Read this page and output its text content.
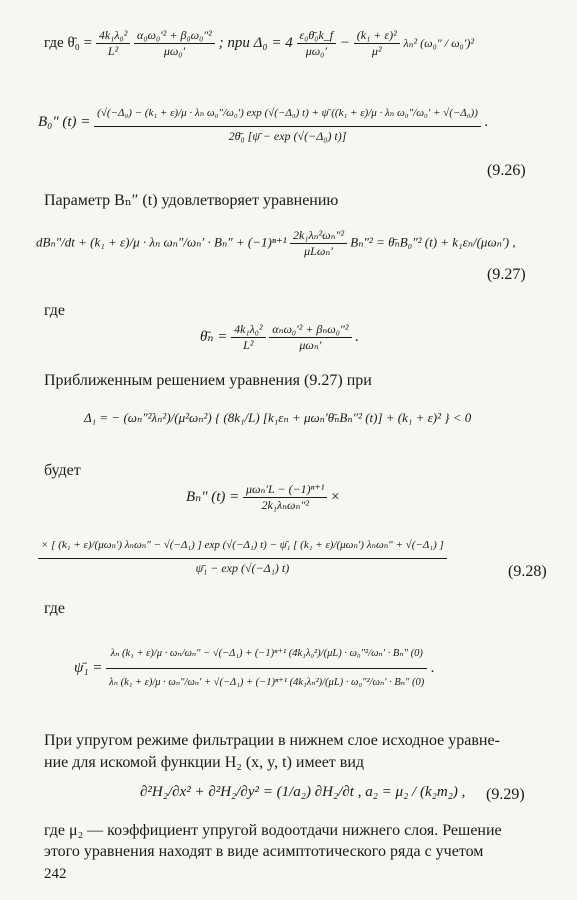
где θ̄₀ = $\frac{\text{4k₁λ₀²}}{\text{L²}}$
$\frac{\text{α₀ω₀′² + β₀ω₀″²}}{\text{μω₀′}}$ ; при $\Delta_0 = 4 \frac{\text{ε₀θ̄₀k\_f}}{\text{μω₀′}} - \frac{\text{(k₁ + ε)²}}{\text{μ²}} \lambda_n^2$ (ω₀″ / ω₀′)²
B₀″ (t) =
(√(−Δ₀) − (k₁ + ε)/μ · λₙ ω₀″/ω₀′) exp (√(−Δ₀) t) + ψ̄ ((k₁ + ε)/μ · λₙ ω₀″/ω₀′ + √(−Δ₀))
2θ̄₀ [ψ̄ − exp (√(−Δ₀) t)]
.
(9.26)
Параметр Bₙ″ (t) удовлетворяет уравнению
dBₙ″/dt + (k₁ + ε)/μ · λₙ $\omega_n''/\omega_n' \cdot B_n'' + (-1)^{n+1} \frac{\text{2k₁λₙ²ωₙ″²}}{\text{μLωₙ′}} B_n''^2$ = θ̄ₙB₀″² (t) + k₁εₙ/(μωₙ′) ,
(9.27)
где
θ̄ₙ = $\frac{\text{4k₁λ₀²}}{\text{L²}}$
$\frac{\text{αₙω₀′² + βₙω₀″²}}{\text{μωₙ′}}$ .
Приближенным решением уравнения (9.27) при
Δ₁ = − (ωₙ″²λₙ²)/(μ²ωₙ²) { (8k₁/L) [k₁εₙ + μωₙ′θ̄ₙBₙ″² (t)] + (k₁ + ε)² } < 0
будет
Bₙ″ $(t) = \frac{\text{μωₙ′L − (−1)ⁿ⁺¹}}{\text{2k₁λₙωₙ″²}}$ ×
× [ (k₁ + ε)/(μωₙ′) λₙωₙ″ − √(−Δ₁) ] exp (√(−Δ₁) t) − ψ̄₁ [ (k₁ + ε)/(μωₙ′) λₙωₙ″ + √(−Δ₁) ]
ψ̄₁ − exp (√(−Δ₁) t)	(9.28)
где
ψ̄₁ =
λₙ (k₁ + ε)/μ · ωₙ/ωₙ″ − √(−Δ₁) + (−1)ⁿ⁺¹ (4k₁λ₀²)/(μL) · ω₀″²/ωₙ′ · Bₙ″ (0)
λₙ (k₁ + ε)/μ · ωₙ″/ωₙ′ + √(−Δ₁) + (−1)ⁿ⁺¹ (4k₁λₙ²)/(μL) · ω₀″²/ωₙ′ · Bₙ″ (0)
.
При упругом режиме фильтрации в нижнем слое исходное уравне-
ние для искомой функции H₂ (x, y, t) имеет вид
∂²H₂/∂x² + ∂²H₂/∂y² = (1/a₂) ∂H₂/∂t , a₂ = μ₂ / (k₂m₂) , (9.29)
где μ₂ — коэффициент упругой водоотдачи нижнего слоя. Решение
этого уравнения находят в виде асимптотического ряда с учетом
242
